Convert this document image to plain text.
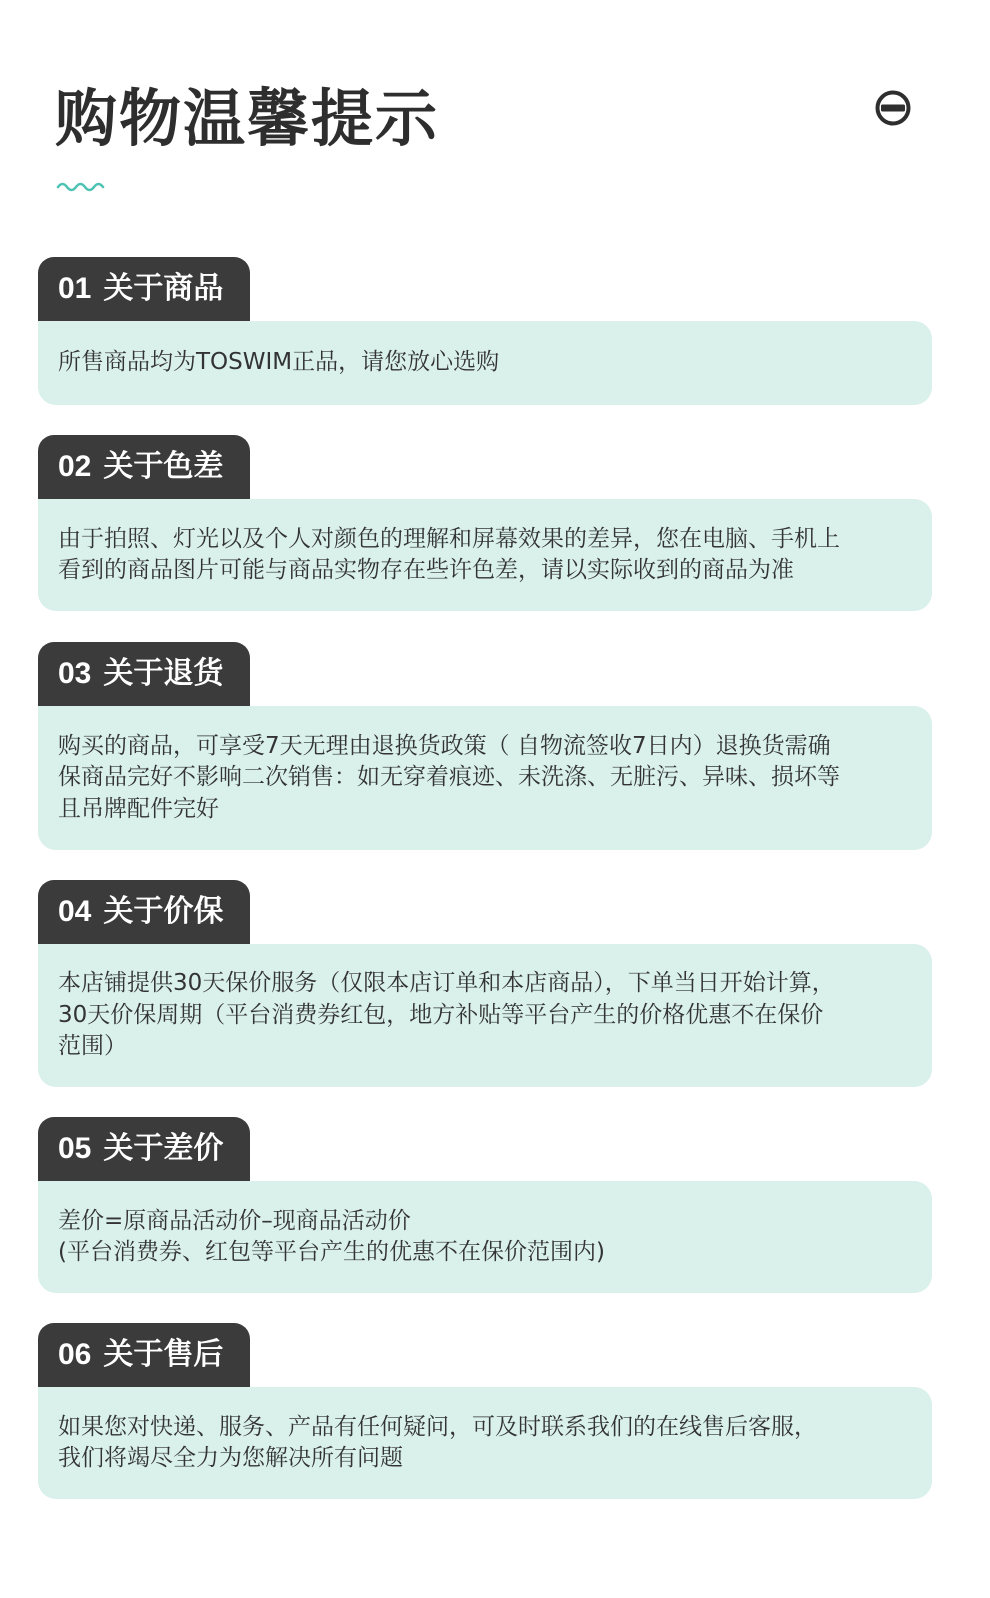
购物温馨提示
01 关于商品
所售商品均为TOSWIM正品，请您放心选购
02 关于色差
由于拍照、灯光以及个人对颜色的理解和屏幕效果的差异，您在电脑、手机上
看到的商品图片可能与商品实物存在些许色差，请以实际收到的商品为准
03 关于退货
购买的商品，可享受7天无理由退换货政策（ 自物流签收7日内）退换货需确
保商品完好不影响二次销售：如无穿着痕迹、未洗涤、无脏污、异味、损坏等
且吊牌配件完好
04 关于价保
本店铺提供30天保价服务（仅限本店订单和本店商品），下单当日开始计算，
30天价保周期（平台消费券红包，地方补贴等平台产生的价格优惠不在保价
范围）
05 关于差价
差价=原商品活动价–现商品活动价
(平台消费券、红包等平台产生的优惠不在保价范围内)
06 关于售后
如果您对快递、服务、产品有任何疑问，可及时联系我们的在线售后客服，
我们将竭尽全力为您解决所有问题
